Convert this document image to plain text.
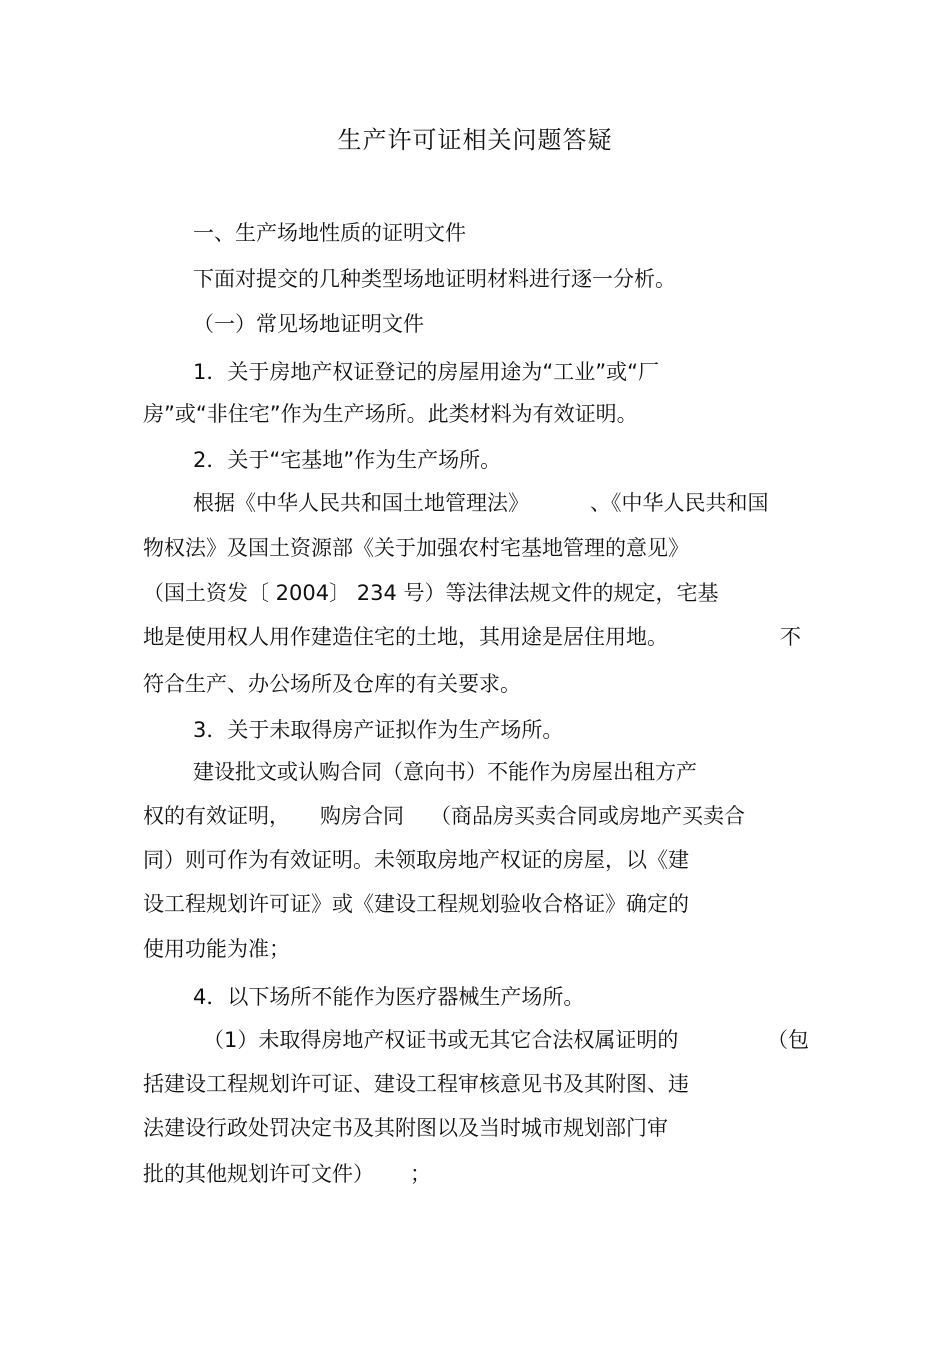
生产许可证相关问题答疑
一、生产场地性质的证明文件
下面对提交的几种类型场地证明材料进行逐一分析。
（一）常见场地证明文件
1．关于房地产权证登记的房屋用途为“工业”或“厂
房”或“非住宅”作为生产场所。此类材料为有效证明。
2．关于“宅基地”作为生产场所。
根据《中华人民共和国土地管理法》	、《中华人民共和国
物权法》及国土资源部《关于加强农村宅基地管理的意见》
（国土资发〔 2004〕 234 号）等法律法规文件的规定，宅基
地是使用权人用作建造住宅的土地，其用途是居住用地。	不
符合生产、办公场所及仓库的有关要求。
3．关于未取得房产证拟作为生产场所。
建设批文或认购合同（意向书）不能作为房屋出租方产
权的有效证明， 购房合同 （商品房买卖合同或房地产买卖合
同）则可作为有效证明。未领取房地产权证的房屋，以《建
设工程规划许可证》或《建设工程规划验收合格证》确定的
使用功能为准；
4．以下场所不能作为医疗器械生产场所。
（1）未取得房地产权证书或无其它合法权属证明的	（包
括建设工程规划许可证、建设工程审核意见书及其附图、违
法建设行政处罚决定书及其附图以及当时城市规划部门审
批的其他规划许可文件） ；
